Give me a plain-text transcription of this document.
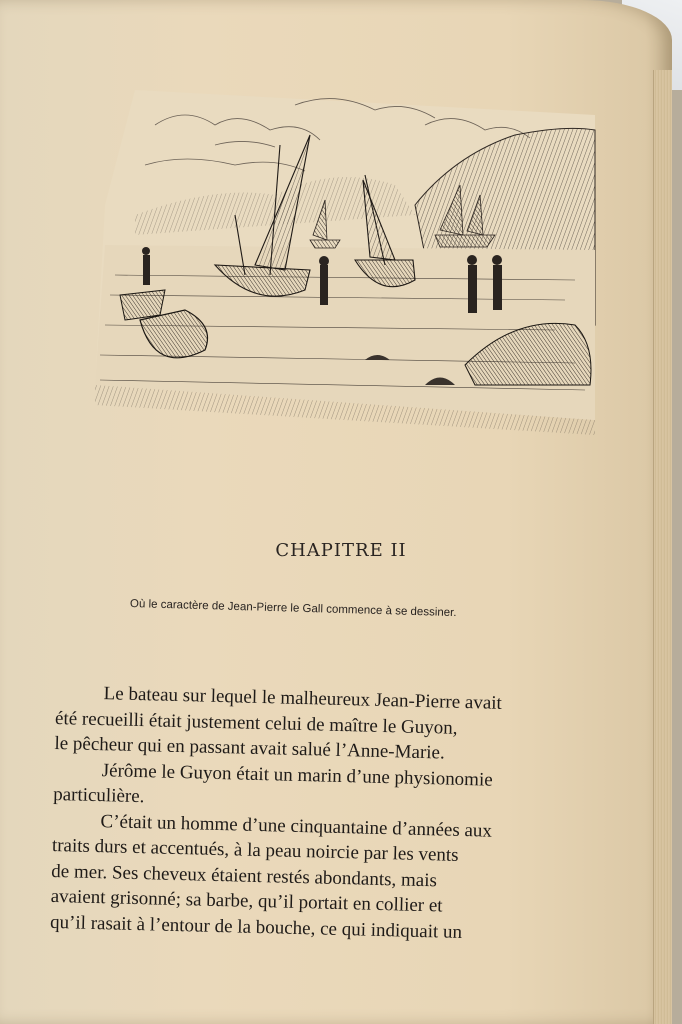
CHAPITRE II
Où le caractère de Jean-Pierre le Gall commence à se dessiner.
Le bateau sur lequel le malheureux Jean-Pierre avait
été recueilli était justement celui de maître le Guyon,
le pêcheur qui en passant avait salué l’Anne-Marie.
Jérôme le Guyon était un marin d’une physionomie
particulière.
C’était un homme d’une cinquantaine d’années aux
traits durs et accentués, à la peau noircie par les vents
de mer. Ses cheveux étaient restés abondants, mais
avaient grisonné; sa barbe, qu’il portait en collier et
qu’il rasait à l’entour de la bouche, ce qui indiquait un
